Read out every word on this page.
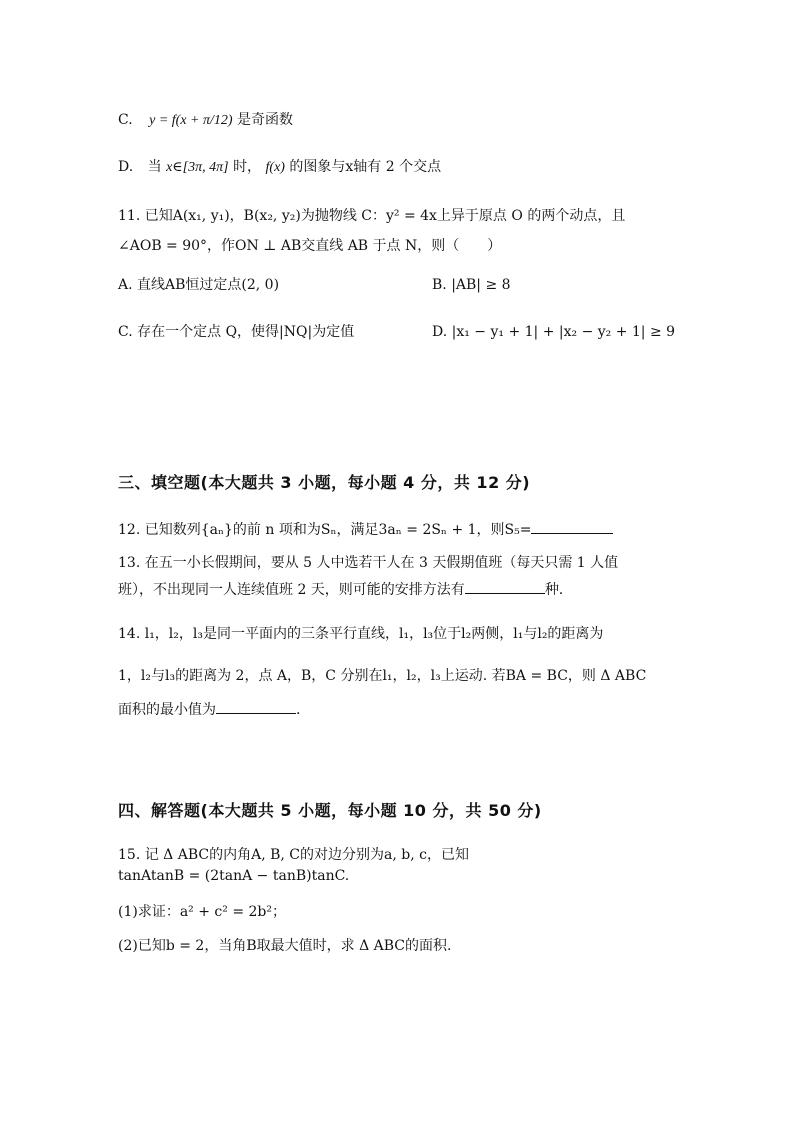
C. y = f(x + π/12) 是奇函数
D. 当 x∈[3π, 4π] 时， f(x) 的图象与x轴有 2 个交点
11. 已知A(x₁, y₁)，B(x₂, y₂)为抛物线 C：y² = 4x上异于原点 O 的两个动点，且
∠AOB = 90°，作ON ⊥ AB交直线 AB 于点 N，则（　　）
A. 直线AB恒过定点(2, 0)	B. |AB| ≥ 8
C. 存在一个定点 Q，使得|NQ|为定值	D. |x₁ − y₁ + 1| + |x₂ − y₂ + 1| ≥ 9
三、填空题(本大题共 3 小题，每小题 4 分，共 12 分)
12. 已知数列{aₙ}的前 n 项和为Sₙ，满足3aₙ = 2Sₙ + 1，则S₅=
13. 在五一小长假期间，要从 5 人中选若干人在 3 天假期值班（每天只需 1 人值
班），不出现同一人连续值班 2 天，则可能的安排方法有	种.
14. l₁，l₂，l₃是同一平面内的三条平行直线，l₁，l₃位于l₂两侧，l₁与l₂的距离为
1，l₂与l₃的距离为 2，点 A，B，C 分别在l₁，l₂，l₃上运动. 若BA = BC，则 Δ ABC
面积的最小值为	.
四、解答题(本大题共 5 小题，每小题 10 分，共 50 分)
15. 记 Δ ABC的内角A, B, C的对边分别为a, b, c，已知
tanAtanB = (2tanA − tanB)tanC.
(1)求证：a² + c² = 2b²；
(2)已知b = 2，当角B取最大值时，求 Δ ABC的面积.
